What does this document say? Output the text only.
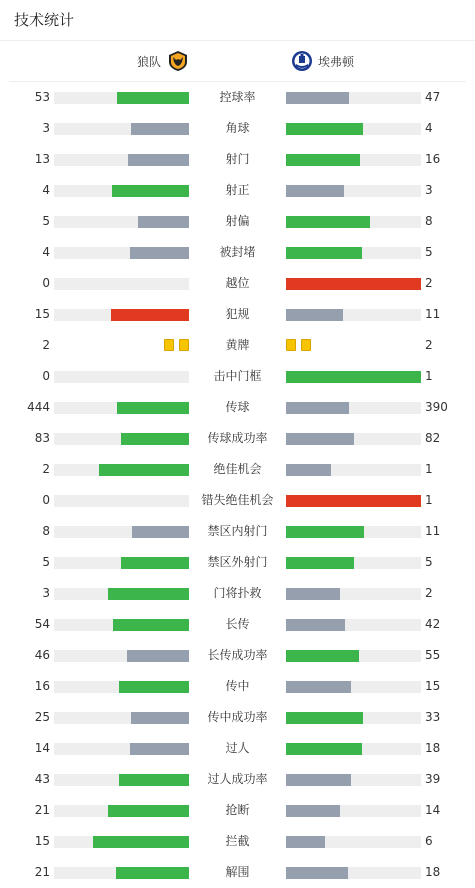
技术统计
狼队	埃弗顿
53	控球率	47
3	角球	4
13	射门	16
4	射正	3
5	射偏	8
4	被封堵	5
0	越位	2
15	犯规	11
2	黄牌	2
0	击中门框	1
444	传球	390
83	传球成功率	82
2	绝佳机会	1
0	错失绝佳机会	1
8	禁区内射门	11
5	禁区外射门	5
3	门将扑救	2
54	长传	42
46	长传成功率	55
16	传中	15
25	传中成功率	33
14	过人	18
43	过人成功率	39
21	抢断	14
15	拦截	6
21	解围	18
